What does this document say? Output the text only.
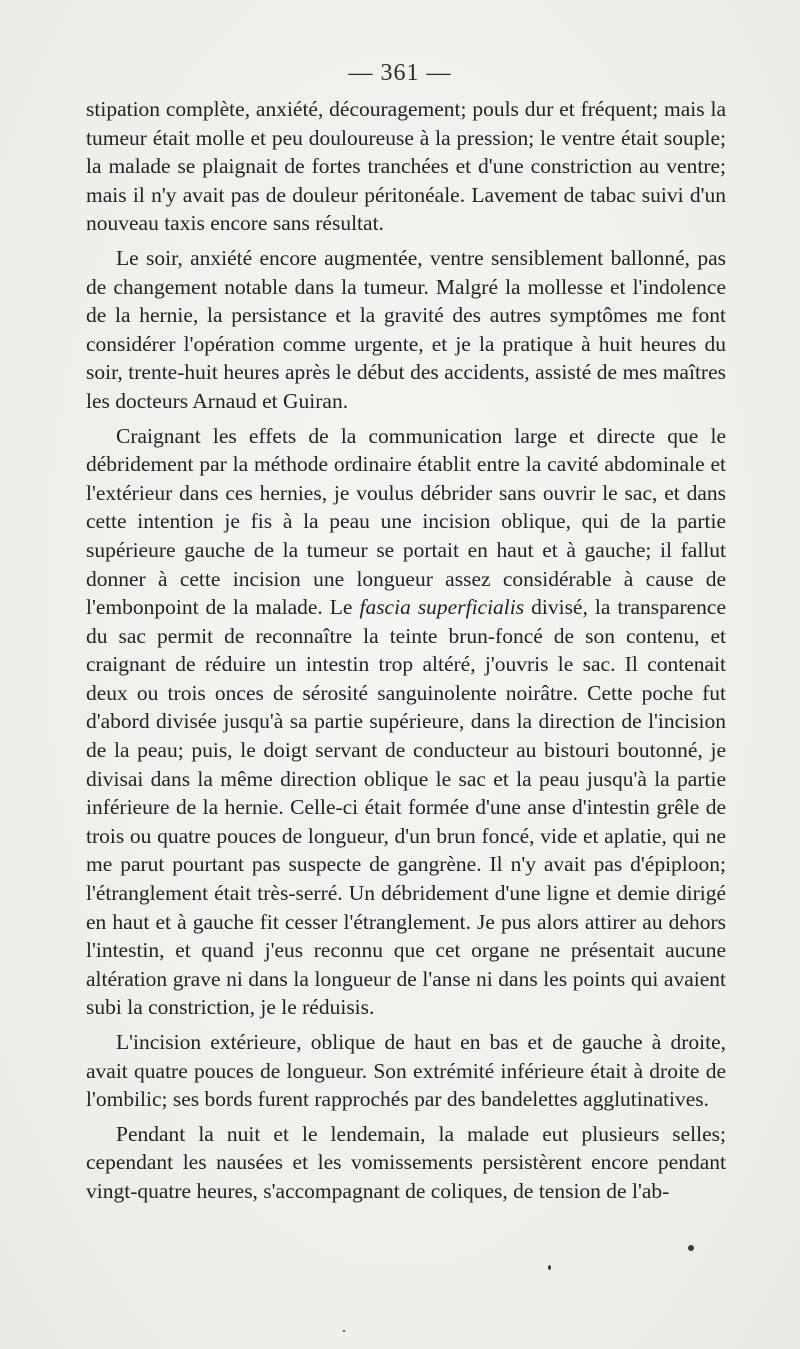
— 361 —

stipation complète, anxiété, découragement; pouls dur et fréquent; mais la tumeur était molle et peu douloureuse à la pression; le ventre était souple; la malade se plaignait de fortes tranchées et d'une constriction au ventre; mais il n'y avait pas de douleur péritonéale. Lavement de tabac suivi d'un nouveau taxis encore sans résultat.

Le soir, anxiété encore augmentée, ventre sensiblement ballonné, pas de changement notable dans la tumeur. Malgré la mollesse et l'indolence de la hernie, la persistance et la gravité des autres symptômes me font considérer l'opération comme urgente, et je la pratique à huit heures du soir, trente-huit heures après le début des accidents, assisté de mes maîtres les docteurs Arnaud et Guiran.

Craignant les effets de la communication large et directe que le débridement par la méthode ordinaire établit entre la cavité abdominale et l'extérieur dans ces hernies, je voulus débrider sans ouvrir le sac, et dans cette intention je fis à la peau une incision oblique, qui de la partie supérieure gauche de la tumeur se portait en haut et à gauche; il fallut donner à cette incision une longueur assez considérable à cause de l'embonpoint de la malade. Le fascia superficialis divisé, la transparence du sac permit de reconnaître la teinte brun-foncé de son contenu, et craignant de réduire un intestin trop altéré, j'ouvris le sac. Il contenait deux ou trois onces de sérosité sanguinolente noirâtre. Cette poche fut d'abord divisée jusqu'à sa partie supérieure, dans la direction de l'incision de la peau; puis, le doigt servant de conducteur au bistouri boutonné, je divisai dans la même direction oblique le sac et la peau jusqu'à la partie inférieure de la hernie. Celle-ci était formée d'une anse d'intestin grêle de trois ou quatre pouces de longueur, d'un brun foncé, vide et aplatie, qui ne me parut pourtant pas suspecte de gangrène. Il n'y avait pas d'épiploon; l'étranglement était très-serré. Un débridement d'une ligne et demie dirigé en haut et à gauche fit cesser l'étranglement. Je pus alors attirer au dehors l'intestin, et quand j'eus reconnu que cet organe ne présentait aucune altération grave ni dans la longueur de l'anse ni dans les points qui avaient subi la constriction, je le réduisis.

L'incision extérieure, oblique de haut en bas et de gauche à droite, avait quatre pouces de longueur. Son extrémité inférieure était à droite de l'ombilic; ses bords furent rapprochés par des bandelettes agglutinatives.

Pendant la nuit et le lendemain, la malade eut plusieurs selles; cependant les nausées et les vomissements persistèrent encore pendant vingt-quatre heures, s'accompagnant de coliques, de tension de l'ab-
